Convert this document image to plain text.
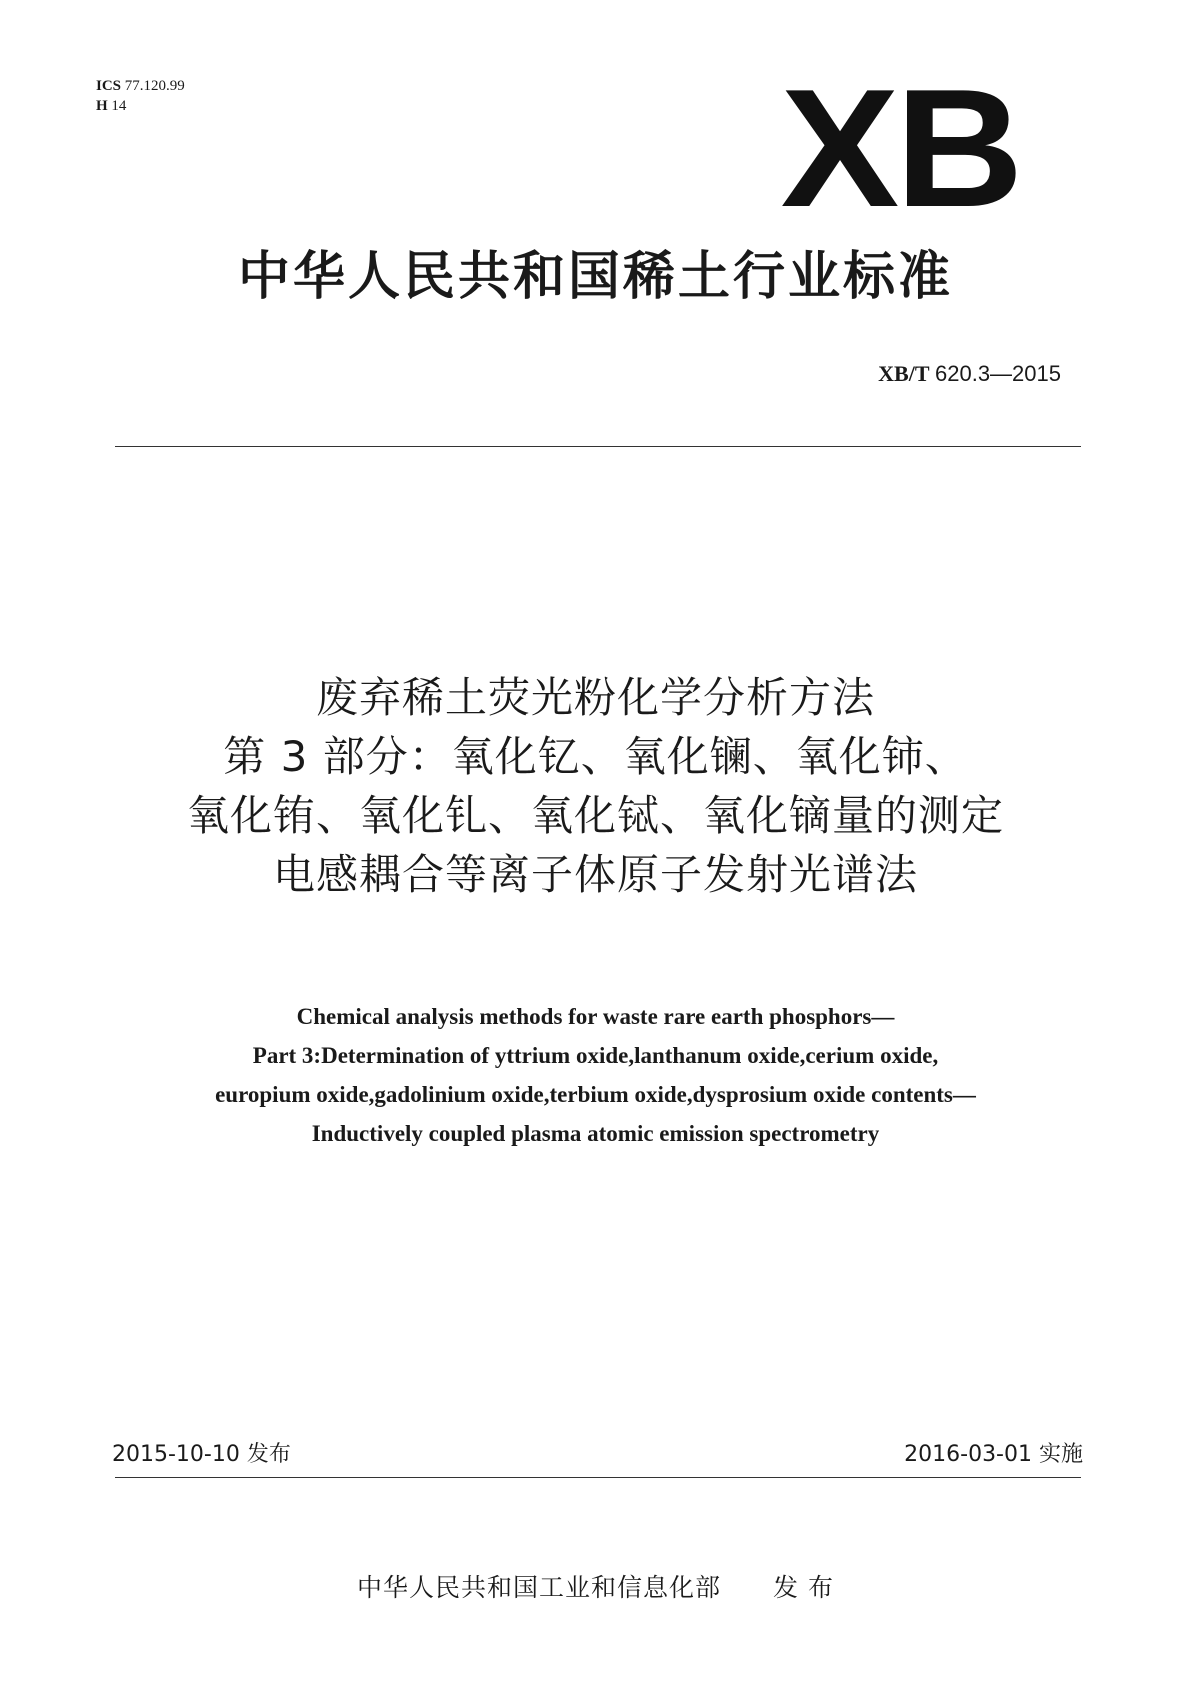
ICS 77.120.99
H 14	XB
中华人民共和国稀土行业标准
XB/T 620.3—2015
废弃稀土荧光粉化学分析方法
第 3 部分：氧化钇、氧化镧、氧化铈、
氧化铕、氧化钆、氧化铽、氧化镝量的测定
电感耦合等离子体原子发射光谱法
Chemical analysis methods for waste rare earth phosphors—
Part 3:Determination of yttrium oxide,lanthanum oxide,cerium oxide,
europium oxide,gadolinium oxide,terbium oxide,dysprosium oxide contents—
Inductively coupled plasma atomic emission spectrometry
2015-10-10 发布	2016-03-01 实施
中华人民共和国工业和信息化部 发 布
